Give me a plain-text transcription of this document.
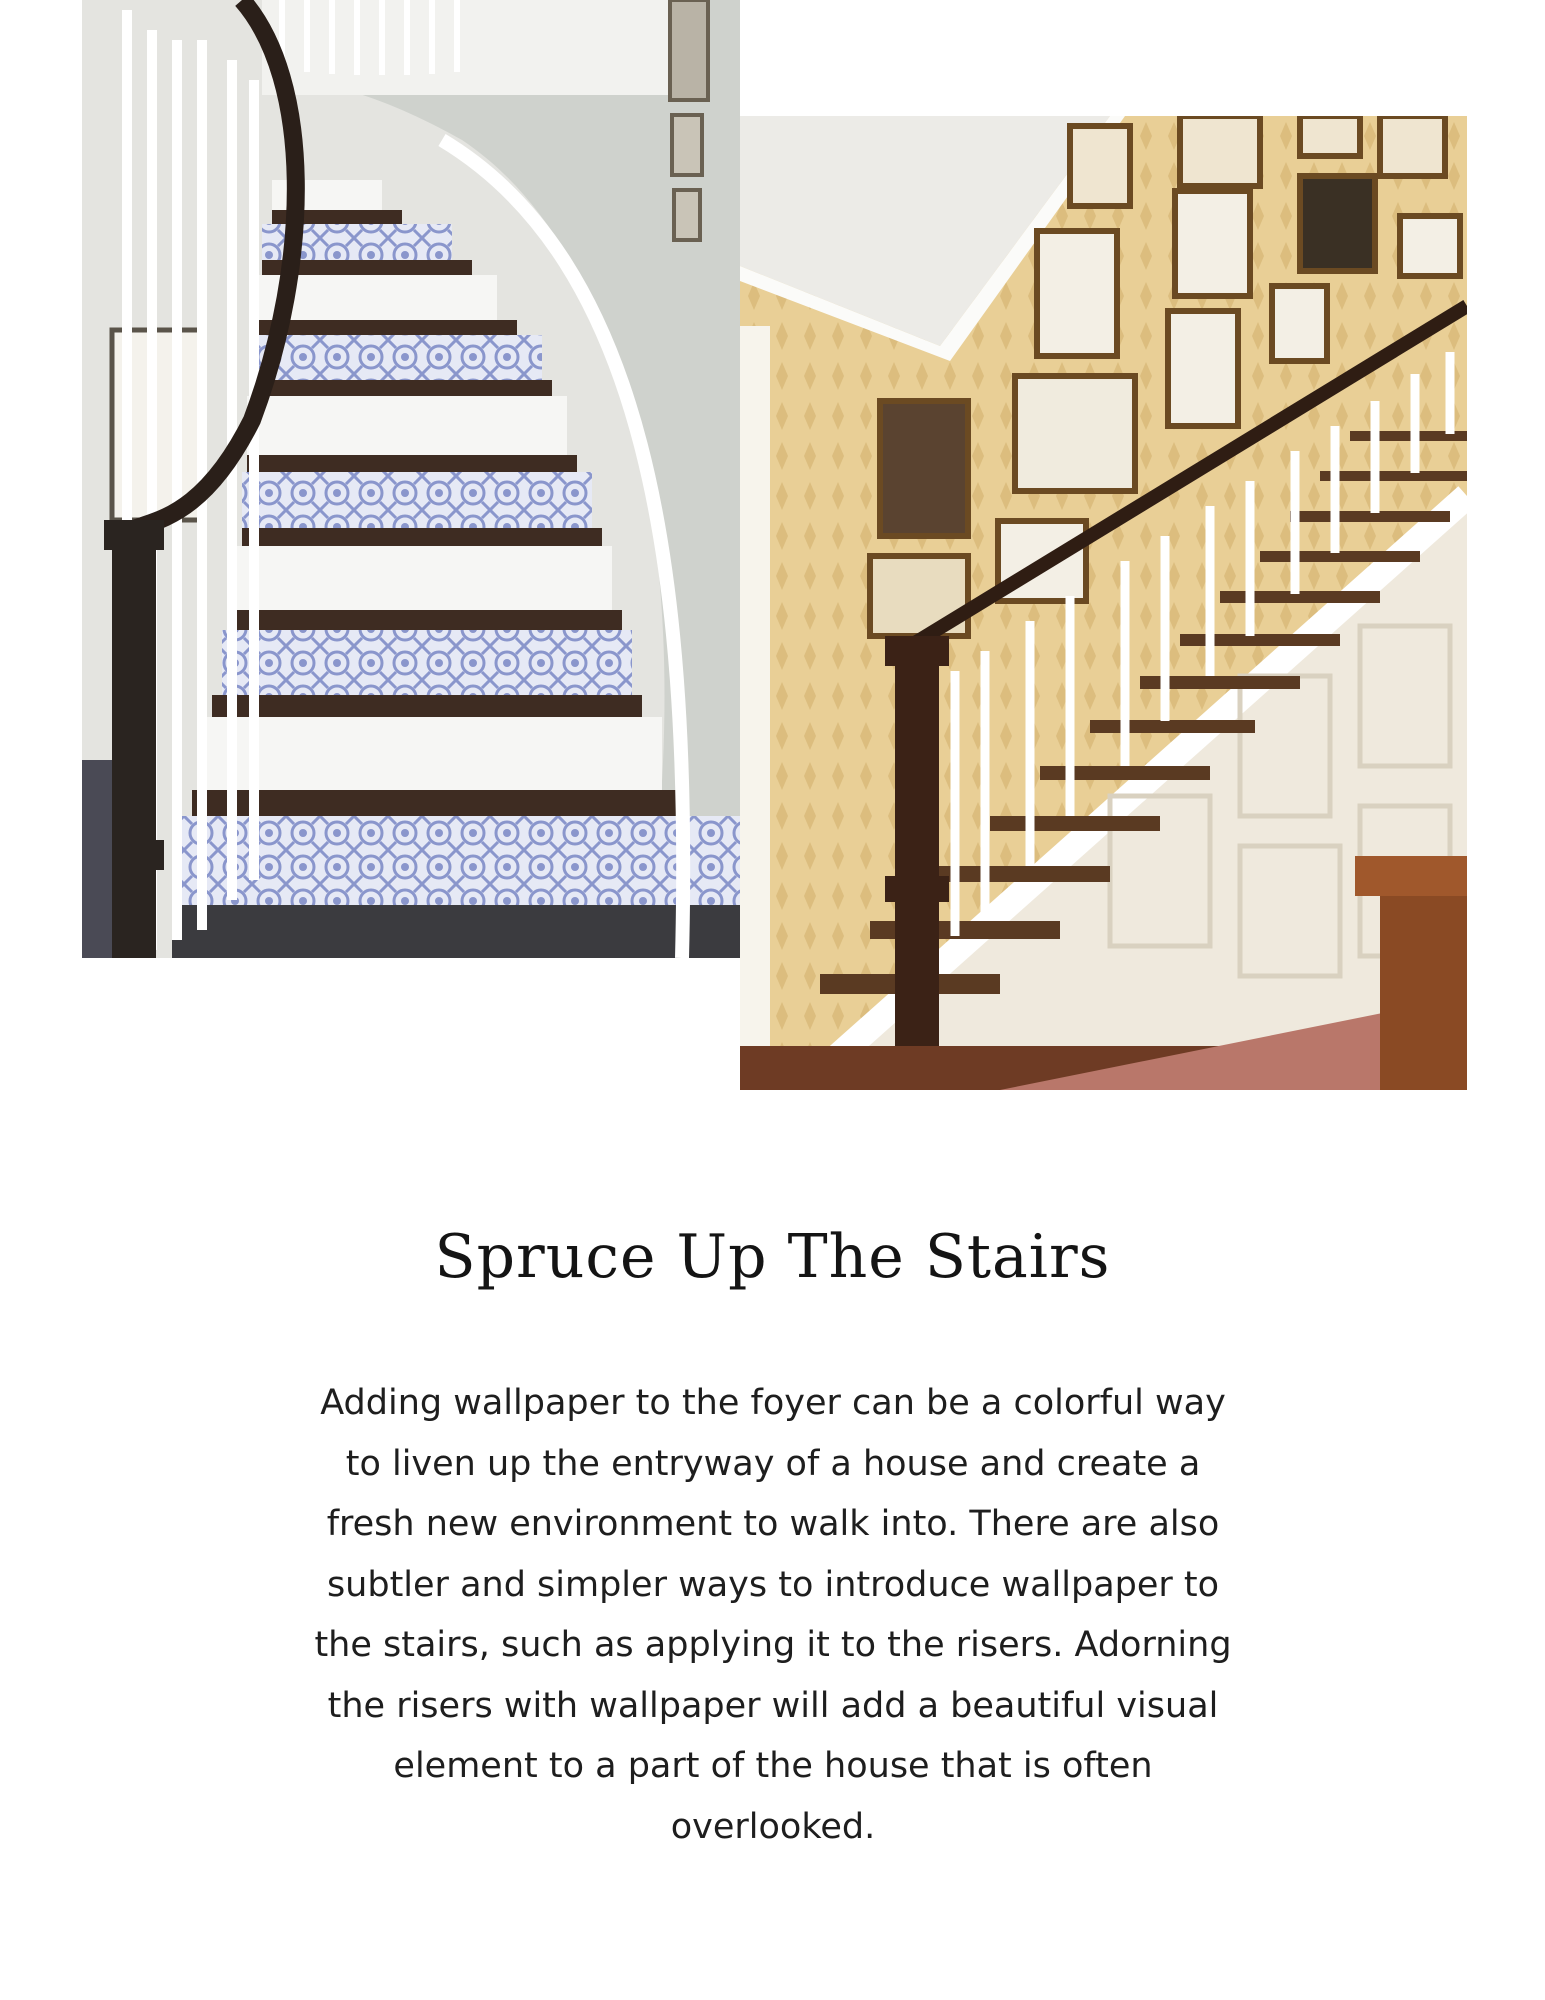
Spruce Up The Stairs

Adding wallpaper to the foyer can be a colorful way to liven up the entryway of a house and create a fresh new environment to walk into. There are also subtler and simpler ways to introduce wallpaper to the stairs, such as applying it to the risers. Adorning the risers with wallpaper will add a beautiful visual element to a part of the house that is often overlooked.
